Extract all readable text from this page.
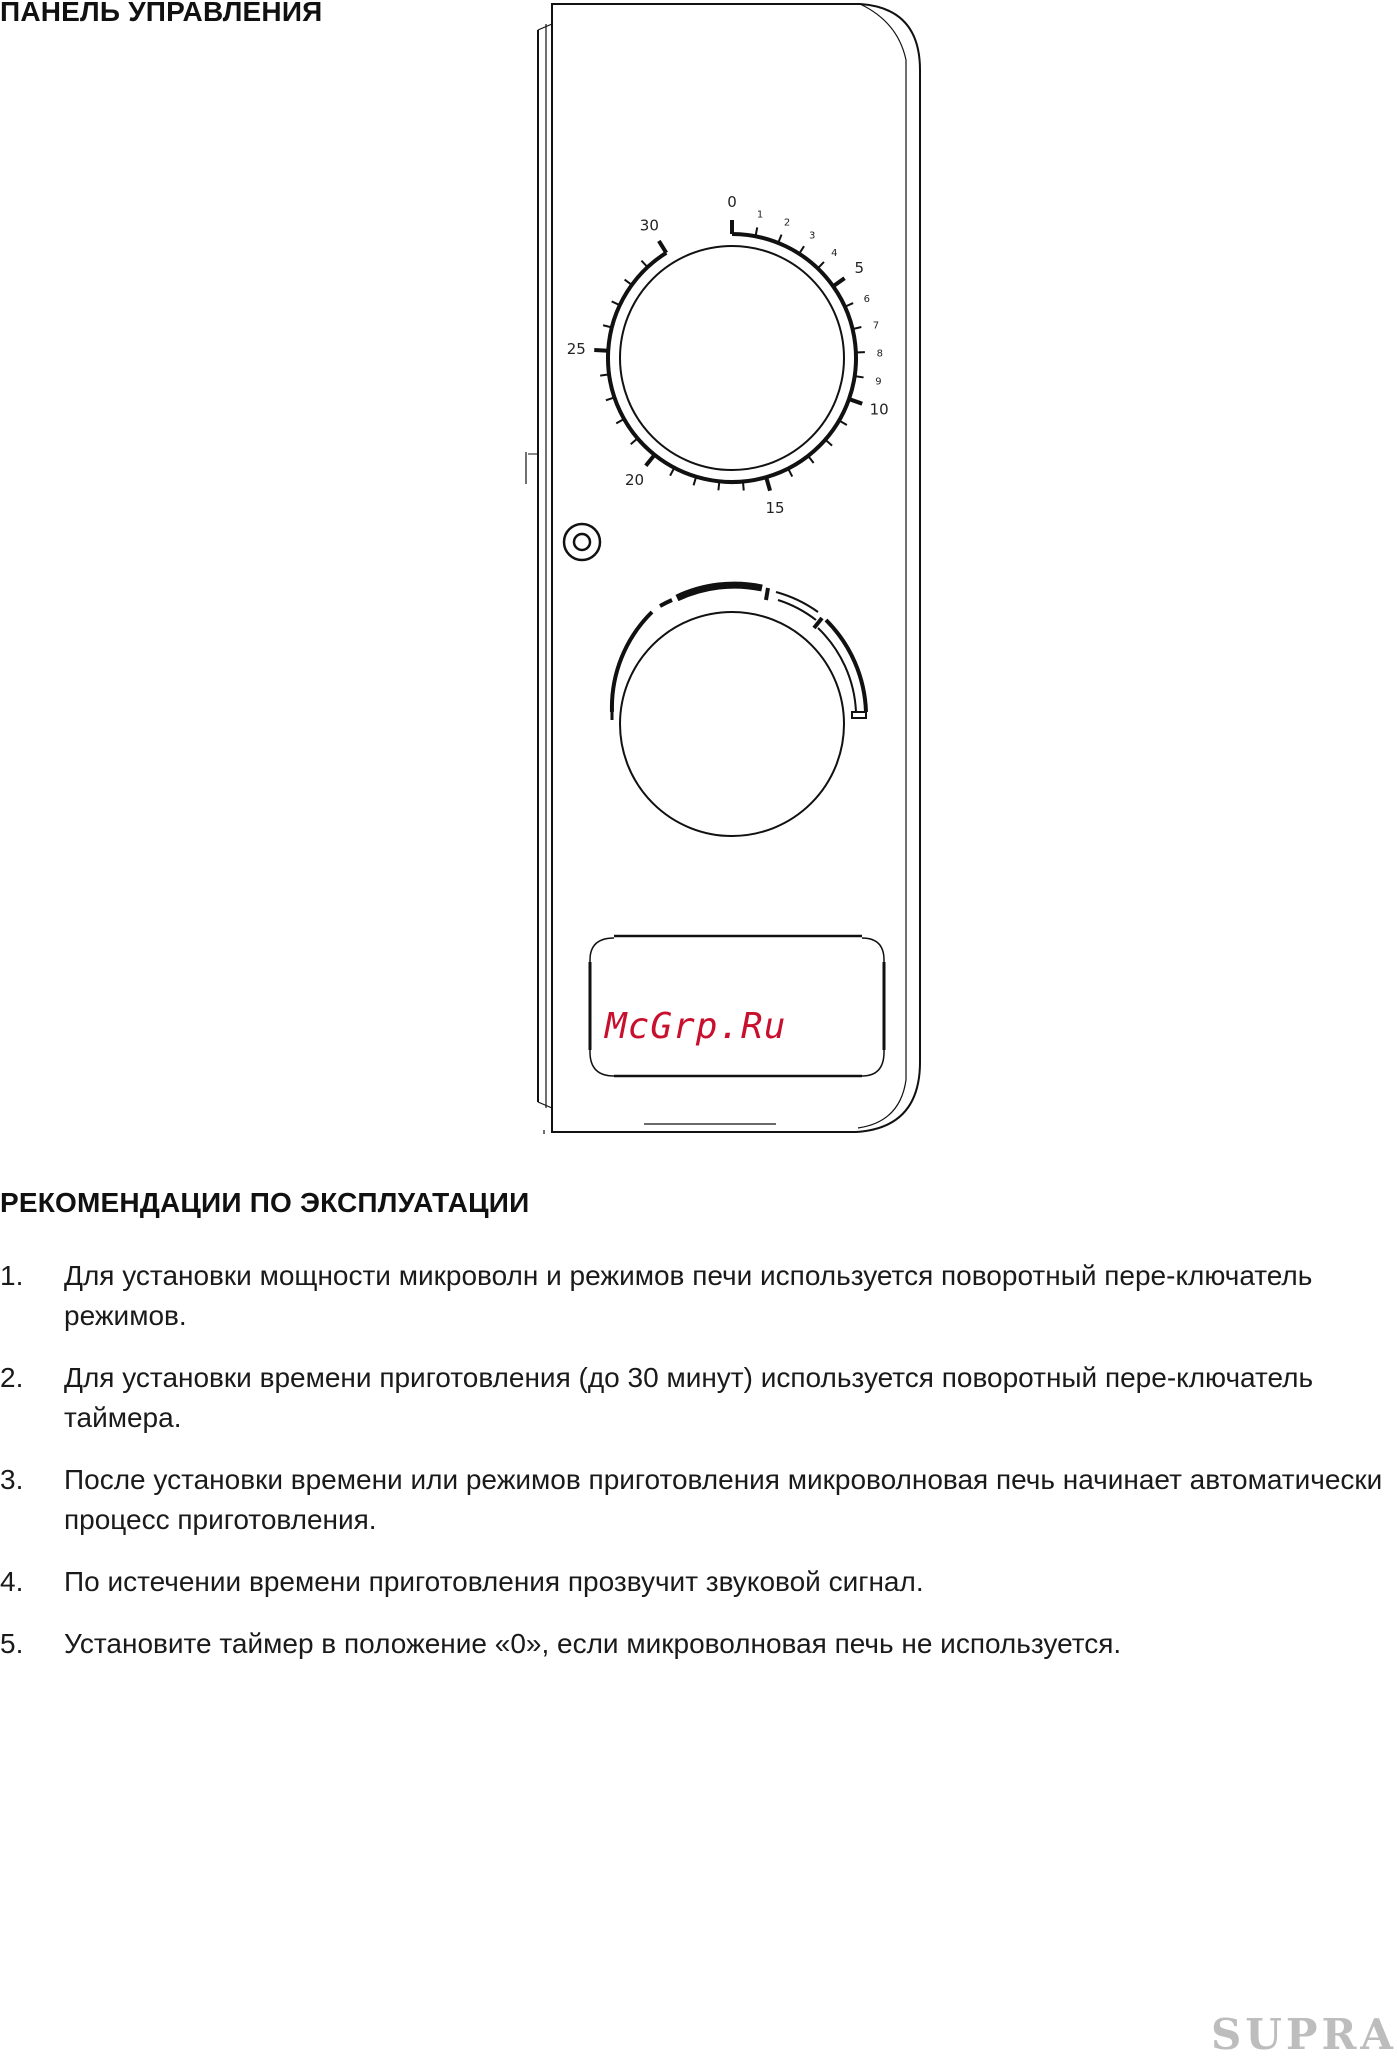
ПАНЕЛЬ УПРАВЛЕНИЯ
0
1
2
3
4
5
6
7
8
9
10
15
20
25
30
McGrp.Ru
РЕКОМЕНДАЦИИ ПО ЭКСПЛУАТАЦИИ
1. Для установки мощности микроволн и режимов печи используется поворотный пере-ключатель режимов.
2. Для установки времени приготовления (до 30 минут) используется поворотный пере-ключатель таймера.
3. После установки времени или режимов приготовления микроволновая печь начинает автоматически процесс приготовления.
4. По истечении времени приготовления прозвучит звуковой сигнал.
5. Установите таймер в положение «0», если микроволновая печь не используется.
SUPRA
